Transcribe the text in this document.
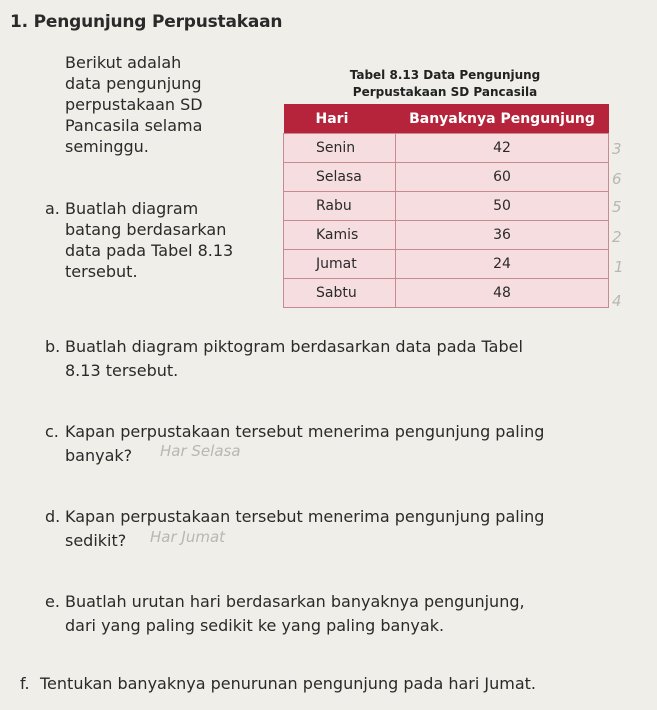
1. Pengunjung Perpustakaan
Berikut adalah
data pengunjung
perpustakaan SD
Pancasila selama
seminggu.
a. Buatlah diagram
batang berdasarkan
data pada Tabel 8.13
tersebut.
Tabel 8.13 Data Pengunjung
Perpustakaan SD Pancasila
Hari	Banyaknya Pengunjung
Senin	42
Selasa	60
Rabu	50
Kamis	36
Jumat	24
Sabtu	48
3
6
5
2
1
4
b. Buatlah diagram piktogram berdasarkan data pada Tabel
8.13 tersebut.
c. Kapan perpustakaan tersebut menerima pengunjung paling
banyak?	Har Selasa
d. Kapan perpustakaan tersebut menerima pengunjung paling
sedikit?	Har Jumat
e. Buatlah urutan hari berdasarkan banyaknya pengunjung,
dari yang paling sedikit ke yang paling banyak.
f. Tentukan banyaknya penurunan pengunjung pada hari Jumat.
